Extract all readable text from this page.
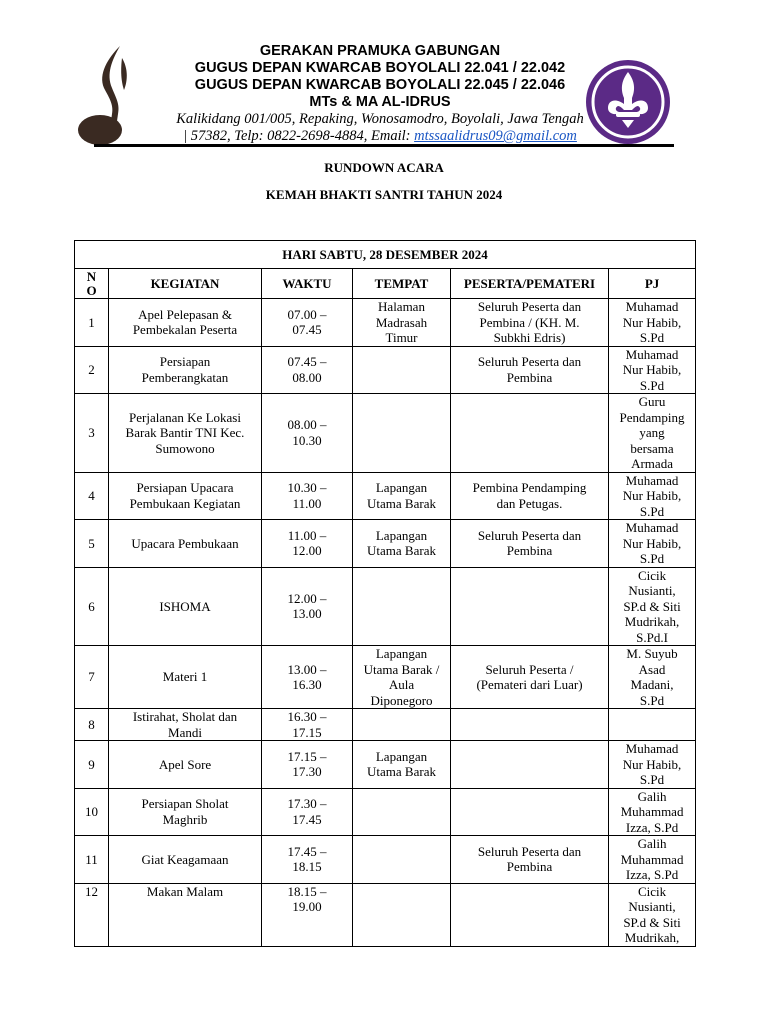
GERAKAN PRAMUKA GABUNGAN
GUGUS DEPAN KWARCAB BOYOLALI 22.041 / 22.042
GUGUS DEPAN KWARCAB BOYOLALI 22.045 / 22.046
MTs & MA AL-IDRUS
Kalikidang 001/005, Repaking, Wonosamodro, Boyolali, Jawa Tengah
| 57382, Telp: 0822-2698-4884, Email: mtssaalidrus09@gmail.com
RUNDOWN ACARA
KEMAH BHAKTI SANTRI TAHUN 2024
HARI SABTU, 28 DESEMBER 2024					
N
O	KEGIATAN	WAKTU	TEMPAT	PESERTA/PEMATERI	PJ
1	Apel Pelepasan &
Pembekalan Peserta	07.00 –
07.45	Halaman
Madrasah
Timur	Seluruh Peserta dan
Pembina / (KH. M.
Subkhi Edris)	Muhamad
Nur Habib,
S.Pd
2	Persiapan
Pemberangkatan	07.45 –
08.00		Seluruh Peserta dan
Pembina	Muhamad
Nur Habib,
S.Pd
3	Perjalanan Ke Lokasi
Barak Bantir TNI Kec.
Sumowono	08.00 –
10.30			Guru
Pendamping
yang
bersama
Armada
4	Persiapan Upacara
Pembukaan Kegiatan	10.30 –
11.00	Lapangan
Utama Barak	Pembina Pendamping
dan Petugas.	Muhamad
Nur Habib,
S.Pd
5	Upacara Pembukaan	11.00 –
12.00	Lapangan
Utama Barak	Seluruh Peserta dan
Pembina	Muhamad
Nur Habib,
S.Pd
6	ISHOMA	12.00 –
13.00			Cicik
Nusianti,
SP.d & Siti
Mudrikah,
S.Pd.I
7	Materi 1	13.00 –
16.30	Lapangan
Utama Barak /
Aula
Diponegoro	Seluruh Peserta /
(Pemateri dari Luar)	M. Suyub
Asad
Madani,
S.Pd
8	Istirahat, Sholat dan
Mandi	16.30 –
17.15			
9	Apel Sore	17.15 –
17.30	Lapangan
Utama Barak		Muhamad
Nur Habib,
S.Pd
10	Persiapan Sholat
Maghrib	17.30 –
17.45			Galih
Muhammad
Izza, S.Pd
11	Giat Keagamaan	17.45 –
18.15		Seluruh Peserta dan
Pembina	Galih
Muhammad
Izza, S.Pd
12	Makan Malam	18.15 –
19.00			Cicik
Nusianti,
SP.d & Siti
Mudrikah,
